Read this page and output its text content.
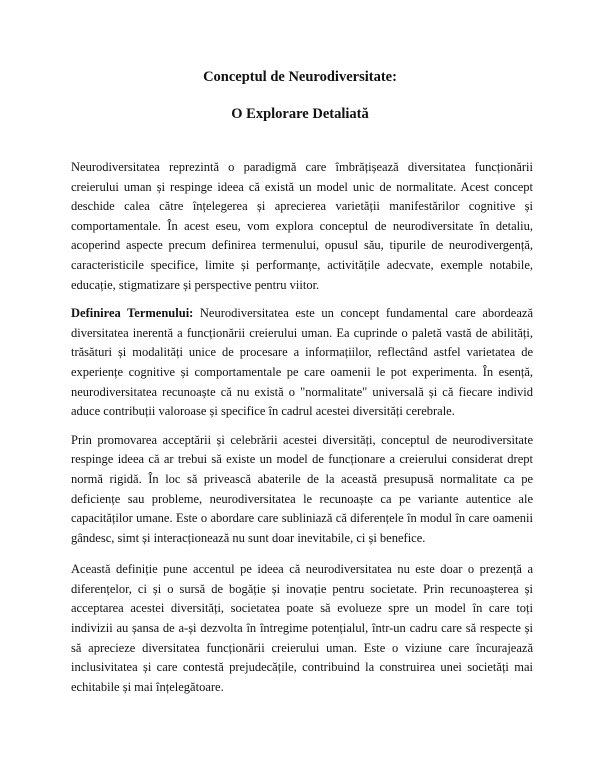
Conceptul de Neurodiversitate:
O Explorare Detaliată

Neurodiversitatea reprezintă o paradigmă care îmbrățișează diversitatea funcționării creierului uman și respinge ideea că există un model unic de normalitate. Acest concept deschide calea către înțelegerea și aprecierea varietății manifestărilor cognitive și comportamentale. În acest eseu, vom explora conceptul de neurodiversitate în detaliu, acoperind aspecte precum definirea termenului, opusul său, tipurile de neurodivergență, caracteristicile specifice, limite și performanțe, activitățile adecvate, exemple notabile, educație, stigmatizare și perspective pentru viitor.

Definirea Termenului: Neurodiversitatea este un concept fundamental care abordează diversitatea inerentă a funcționării creierului uman. Ea cuprinde o paletă vastă de abilități, trăsături și modalități unice de procesare a informațiilor, reflectând astfel varietatea de experiențe cognitive și comportamentale pe care oamenii le pot experimenta. În esență, neurodiversitatea recunoaște că nu există o "normalitate" universală și că fiecare individ aduce contribuții valoroase și specifice în cadrul acestei diversități cerebrale.

Prin promovarea acceptării și celebrării acestei diversități, conceptul de neurodiversitate respinge ideea că ar trebui să existe un model de funcționare a creierului considerat drept normă rigidă. În loc să privească abaterile de la această presupusă normalitate ca pe deficiențe sau probleme, neurodiversitatea le recunoaște ca pe variante autentice ale capacităților umane. Este o abordare care subliniază că diferențele în modul în care oamenii gândesc, simt și interacționează nu sunt doar inevitabile, ci și benefice.

Această definiție pune accentul pe ideea că neurodiversitatea nu este doar o prezență a diferențelor, ci și o sursă de bogăție și inovație pentru societate. Prin recunoașterea și acceptarea acestei diversități, societatea poate să evolueze spre un model în care toți indivizii au șansa de a-și dezvolta în întregime potențialul, într-un cadru care să respecte și să aprecieze diversitatea funcționării creierului uman. Este o viziune care încurajează inclusivitatea și care contestă prejudecățile, contribuind la construirea unei societăți mai echitabile și mai înțelegătoare.
